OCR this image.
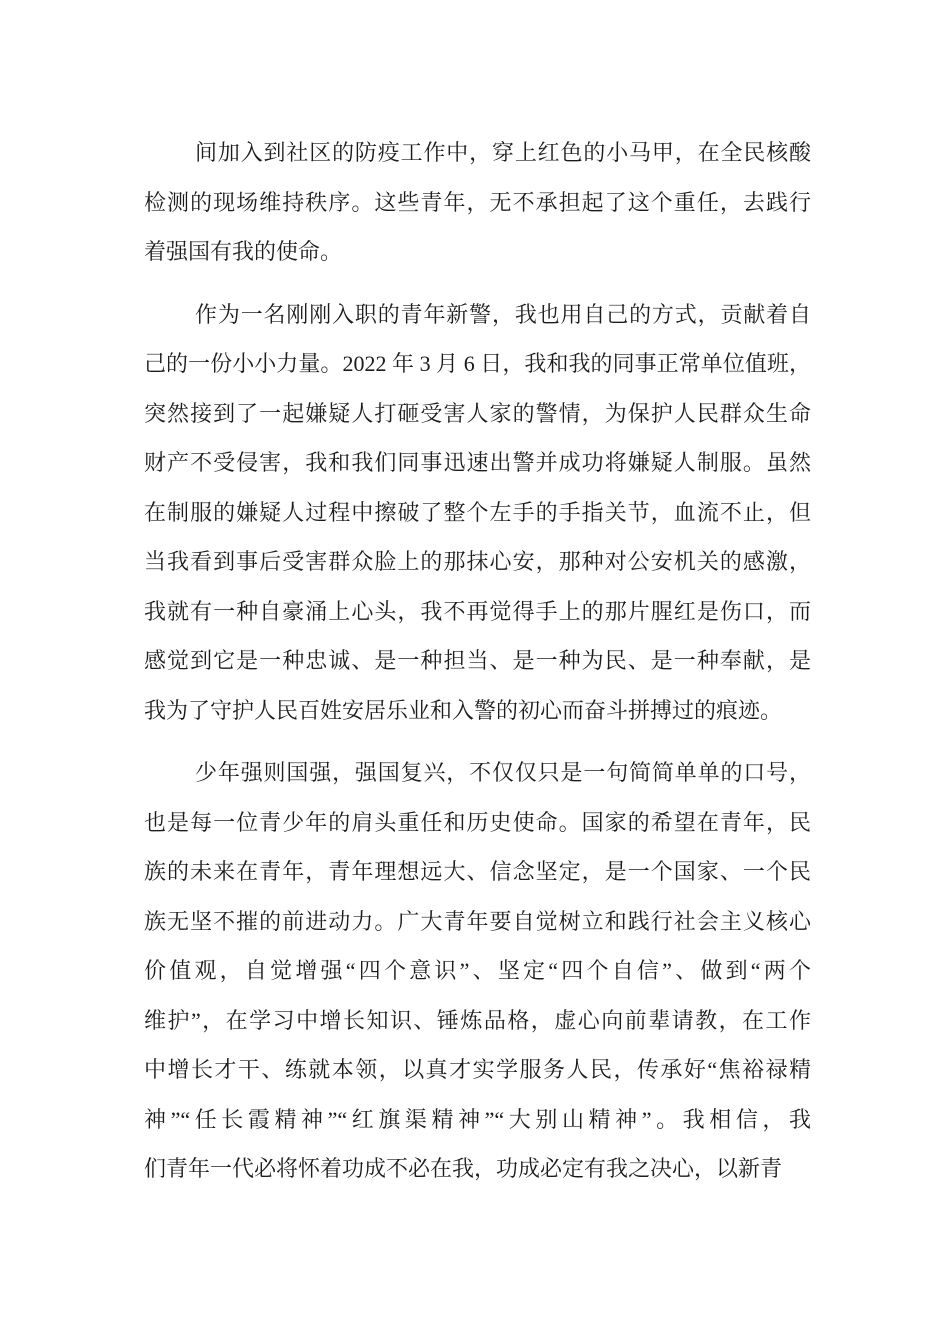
间加入到社区的防疫工作中，穿上红色的小马甲，在全民核酸
检测的现场维持秩序。这些青年，无不承担起了这个重任，去践行
着强国有我的使命。

作为一名刚刚入职的青年新警，我也用自己的方式，贡献着自
己的一份小小力量。2022 年 3 月 6 日，我和我的同事正常单位值班，
突然接到了一起嫌疑人打砸受害人家的警情，为保护人民群众生命
财产不受侵害，我和我们同事迅速出警并成功将嫌疑人制服。虽然
在制服的嫌疑人过程中擦破了整个左手的手指关节，血流不止，但
当我看到事后受害群众脸上的那抹心安，那种对公安机关的感激，
我就有一种自豪涌上心头，我不再觉得手上的那片腥红是伤口，而
感觉到它是一种忠诚、是一种担当、是一种为民、是一种奉献，是
我为了守护人民百姓安居乐业和入警的初心而奋斗拼搏过的痕迹。

少年强则国强，强国复兴，不仅仅只是一句简简单单的口号，
也是每一位青少年的肩头重任和历史使命。国家的希望在青年，民
族的未来在青年，青年理想远大、信念坚定，是一个国家、一个民
族无坚不摧的前进动力。广大青年要自觉树立和践行社会主义核心
价值观，自觉增强“四个意识”、坚定“四个自信”、做到“两个
维护”，在学习中增长知识、锤炼品格，虚心向前辈请教，在工作
中增长才干、练就本领，以真才实学服务人民，传承好“焦裕禄精
神”“任长霞精神”“红旗渠精神”“大别山精神”。我相信，我
们青年一代必将怀着功成不必在我，功成必定有我之决心，以新青
